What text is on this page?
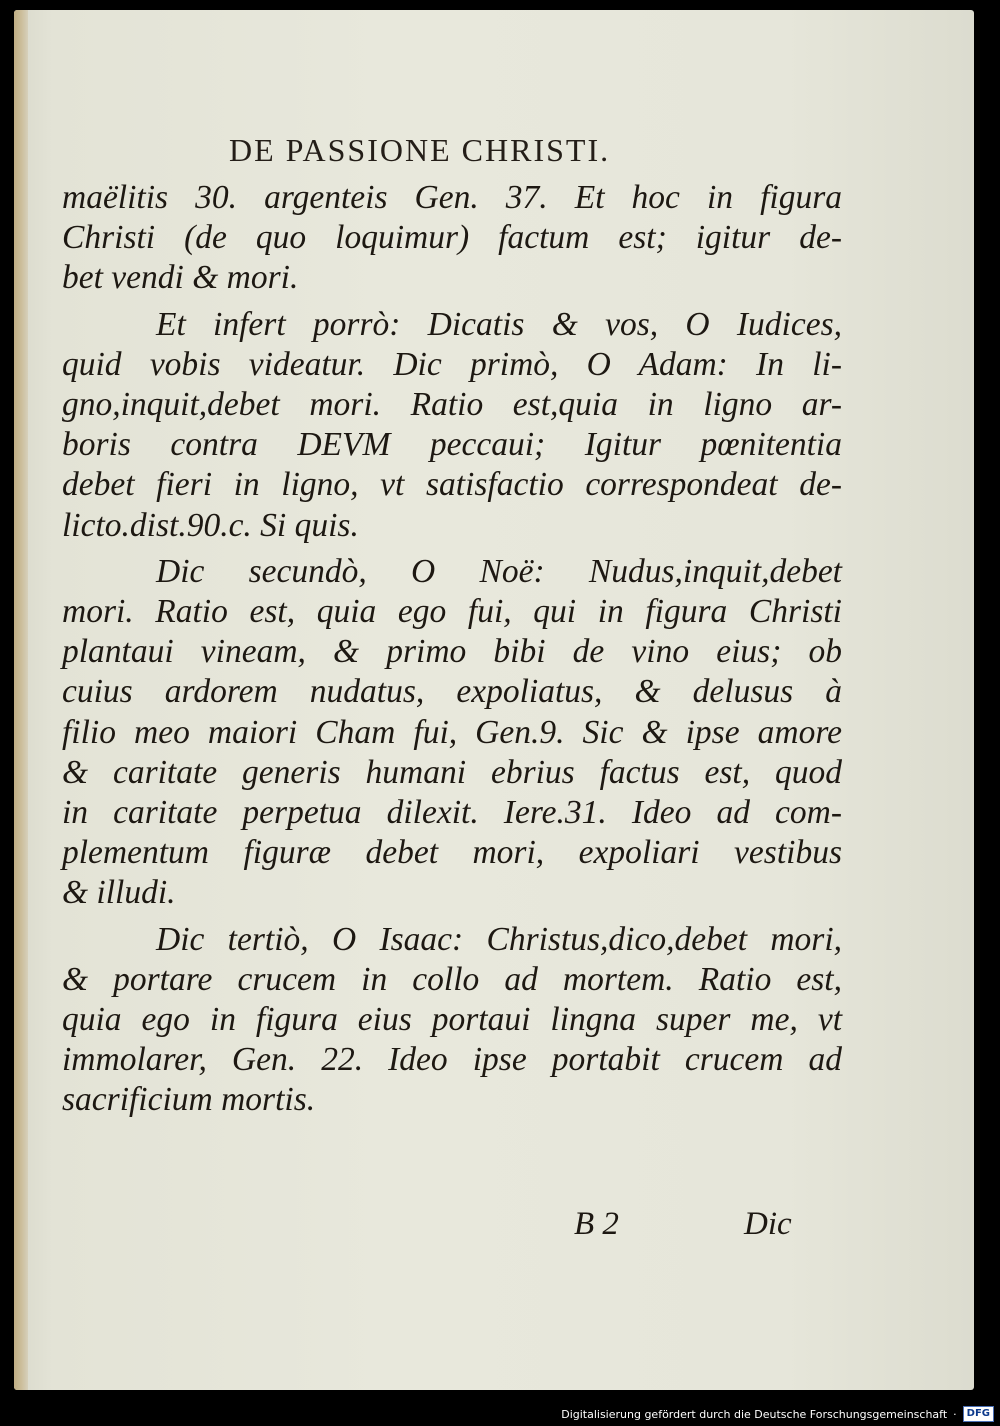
DE PASSIONE CHRISTI.
maëlitis 30. argenteis Gen. 37. Et hoc in figura
Christi (de quo loquimur) factum est; igitur de-
bet vendi & mori.
Et infert porrò: Dicatis & vos, O Iudices,
quid vobis videatur. Dic primò, O Adam: In li-
gno,inquit,debet mori. Ratio est,quia in ligno ar-
boris contra DEVM peccaui; Igitur pœnitentia
debet fieri in ligno, vt satisfactio correspondeat de-
licto.dist.90.c. Si quis.
Dic secundò, O Noë: Nudus,inquit,debet
mori. Ratio est, quia ego fui, qui in figura Christi
plantaui vineam, & primo bibi de vino eius; ob
cuius ardorem nudatus, expoliatus, & delusus à
filio meo maiori Cham fui, Gen.9. Sic & ipse amore
& caritate generis humani ebrius factus est, quod
in caritate perpetua dilexit. Iere.31. Ideo ad com-
plementum figuræ debet mori, expoliari vestibus
& illudi.
Dic tertiò, O Isaac: Christus,dico,debet mori,
& portare crucem in collo ad mortem. Ratio est,
quia ego in figura eius portaui lingna super me, vt
immolarer, Gen. 22. Ideo ipse portabit crucem ad
sacrificium mortis.
B 2	Dic
Digitalisierung gefördert durch die Deutsche Forschungsgemeinschaft ·	DFG
